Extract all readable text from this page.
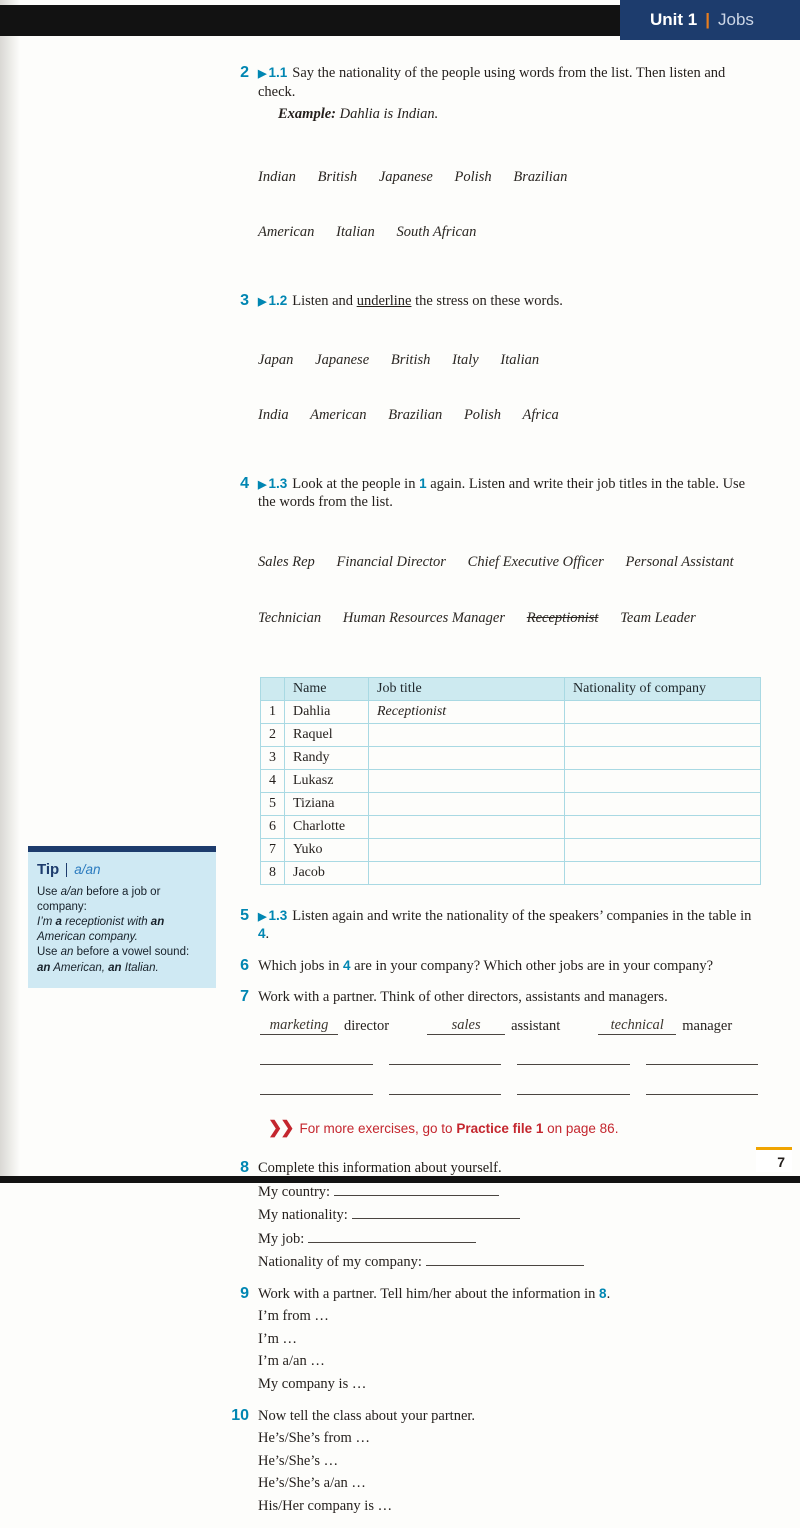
Unit 1 | Jobs
2 ▶ 1.1 Say the nationality of the people using words from the list. Then listen and check.
Example: Dahlia is Indian.

Indian      British      Japanese      Polish      Brazilian

American      Italian      South African

3 ▶ 1.2 Listen and underline the stress on these words.

Japan      Japanese      British      Italy      Italian

India      American      Brazilian      Polish      Africa

4 ▶ 1.3 Look at the people in 1 again. Listen and write their job titles in the table. Use the words from the list.

Sales Rep      Financial Director      Chief Executive Officer      Personal Assistant

Technician      Human Resources Manager      Receptionist      Team Leader

	Name	Job title	Nationality of company
1	Dahlia	Receptionist	
2	Raquel		
3	Randy		
4	Lukasz		
5	Tiziana		
6	Charlotte		
7	Yuko		
8	Jacob		
5 ▶ 1.3 Listen again and write the nationality of the speakers’ companies in the table in 4.
6 Which jobs in 4 are in your company? Which other jobs are in your company?
7 Work with a partner. Think of other directors, assistants and managers.
marketing	director	sales	assistant	technical	manager
❯❯ For more exercises, go to Practice file 1 on page 86.
8 Complete this information about yourself.
My country:
My nationality:
My job:
Nationality of my company:
9 Work with a partner. Tell him/her about the information in 8.
I’m from …
I’m …
I’m a/an …
My company is …
10 Now tell the class about your partner.
He’s/She’s from …
He’s/She’s …
He’s/She’s a/an …
His/Her company is …
Tip a/an
Use a/an before a job or
company:
I’m a receptionist with an
American company.
Use an before a vowel sound:
an American, an Italian.
7
